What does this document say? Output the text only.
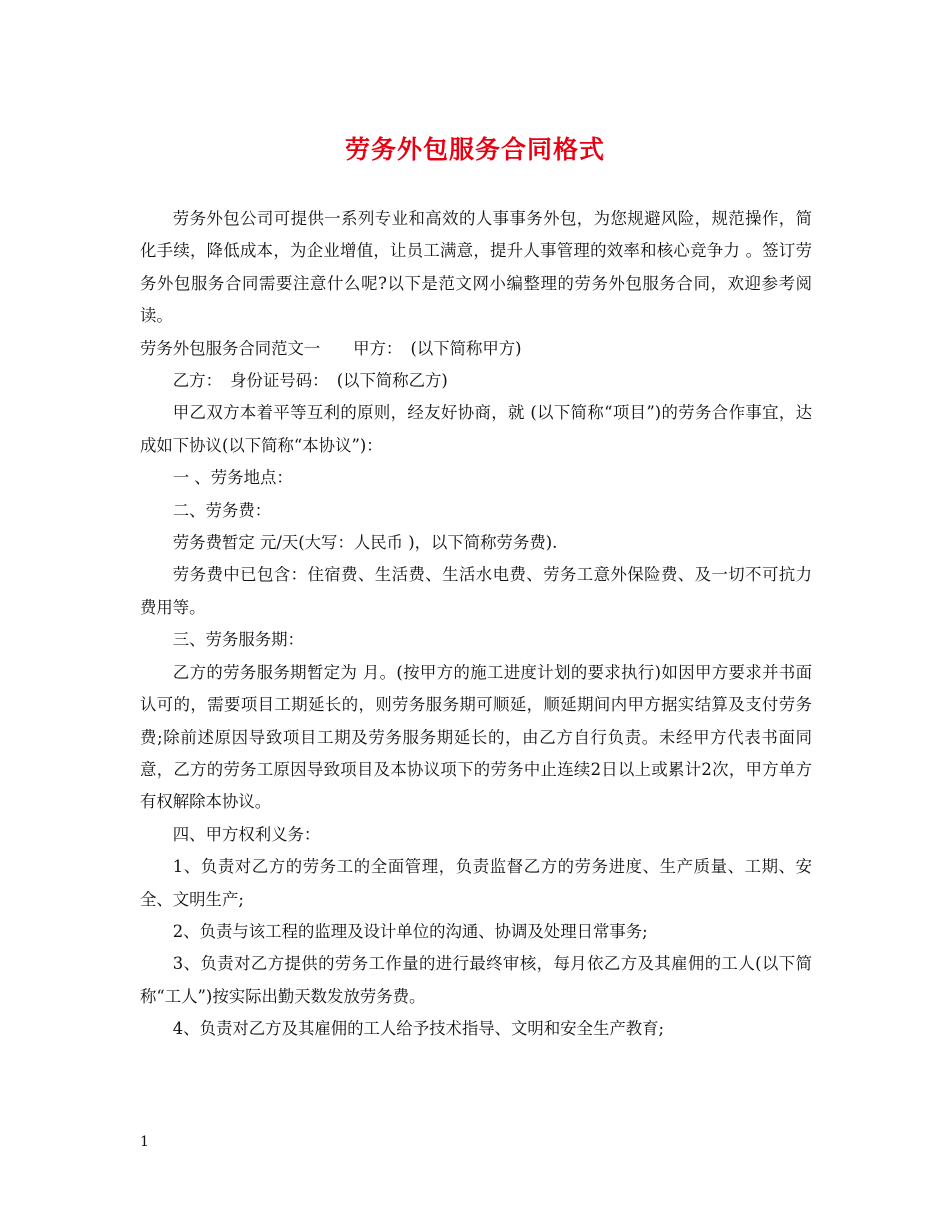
劳务外包服务合同格式

劳务外包公司可提供一系列专业和高效的人事事务外包，为您规避风险，规范操作，简化手续，降低成本，为企业增值，让员工满意，提升人事管理的效率和核心竞争力 。签订劳务外包服务合同需要注意什么呢?以下是范文网小编整理的劳务外包服务合同，欢迎参考阅读。

劳务外包服务合同范文一　　甲方：　(以下简称甲方)

乙方：　身份证号码：　(以下简称乙方)

甲乙双方本着平等互利的原则，经友好协商，就 (以下简称“项目”)的劳务合作事宜，达成如下协议(以下简称“本协议”)：

一 、劳务地点：

二、劳务费：

劳务费暂定 元/天(大写：人民币 )，以下简称劳务费).

劳务费中已包含：住宿费、生活费、生活水电费、劳务工意外保险费、及一切不可抗力费用等。

三、劳务服务期：

乙方的劳务服务期暂定为 月。(按甲方的施工进度计划的要求执行)如因甲方要求并书面认可的，需要项目工期延长的，则劳务服务期可顺延，顺延期间内甲方据实结算及支付劳务费;除前述原因导致项目工期及劳务服务期延长的，由乙方自行负责。未经甲方代表书面同意，乙方的劳务工原因导致项目及本协议项下的劳务中止连续2日以上或累计2次，甲方单方有权解除本协议。

四、甲方权利义务：

1、负责对乙方的劳务工的全面管理，负责监督乙方的劳务进度、生产质量、工期、安全、文明生产;

2、负责与该工程的监理及设计单位的沟通、协调及处理日常事务;

3、负责对乙方提供的劳务工作量的进行最终审核，每月依乙方及其雇佣的工人(以下简称“工人”)按实际出勤天数发放劳务费。

4、负责对乙方及其雇佣的工人给予技术指导、文明和安全生产教育;

1
